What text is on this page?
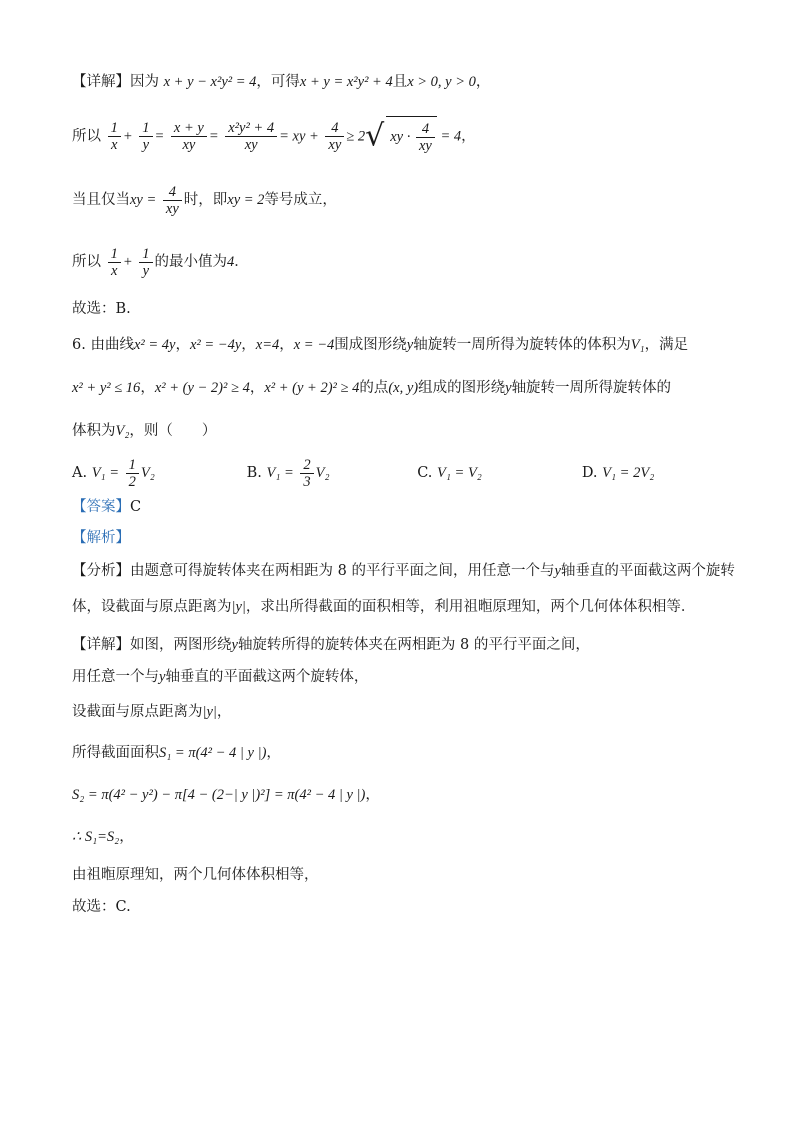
【详解】因为 x + y − x²y² = 4，可得x + y = x²y² + 4且x > 0, y > 0，
所以 $\frac{1}{x} + \frac{1}{y} = \frac{x + y}{xy} = \frac{\text{x²y² + 4}}{xy}$ = xy + $\frac{4}{xy} \ge 2√$ xy · $\frac{4}{xy} = 4$，
当且仅当xy = $\frac{4}{xy}$ 时，即xy = 2等号成立，
所以 $\frac{1}{x} + \frac{1}{y}$ 的最小值为4．
故选：B.
6. 由曲线x² = 4y，x² = −4y，x=4，x = −4围成图形绕y轴旋转一周所得为旋转体的体积为V₁，满足
x² + y² ≤ 16，x² + (y − 2)² ≥ 4，x² + (y + 2)² ≥ 4的点(x, y)组成的图形绕y轴旋转一周所得旋转体的
体积为V₂，则（　　）
A. $V_1 = \frac{1}{2} V_2$	B. $V_1 = \frac{2}{3} V_2$	C. V₁ = V₂	D. V₁ = 2V₂
【答案】C
【解析】
【分析】由题意可得旋转体夹在两相距为 8 的平行平面之间，用任意一个与y轴垂直的平面截这两个旋转
体，设截面与原点距离为|y|，求出所得截面的面积相等，利用祖暅原理知，两个几何体体积相等．
【详解】如图，两图形绕y轴旋转所得的旋转体夹在两相距为 8 的平行平面之间，
用任意一个与y轴垂直的平面截这两个旋转体，
设截面与原点距离为|y|，
所得截面面积S₁ = π(4² − 4 | y |)，
S₂ = π(4² − y²) − π[4 − (2−| y |)²] = π(4² − 4 | y |)，
∴ S₁=S₂，
由祖暅原理知，两个几何体体积相等，
故选：C.
